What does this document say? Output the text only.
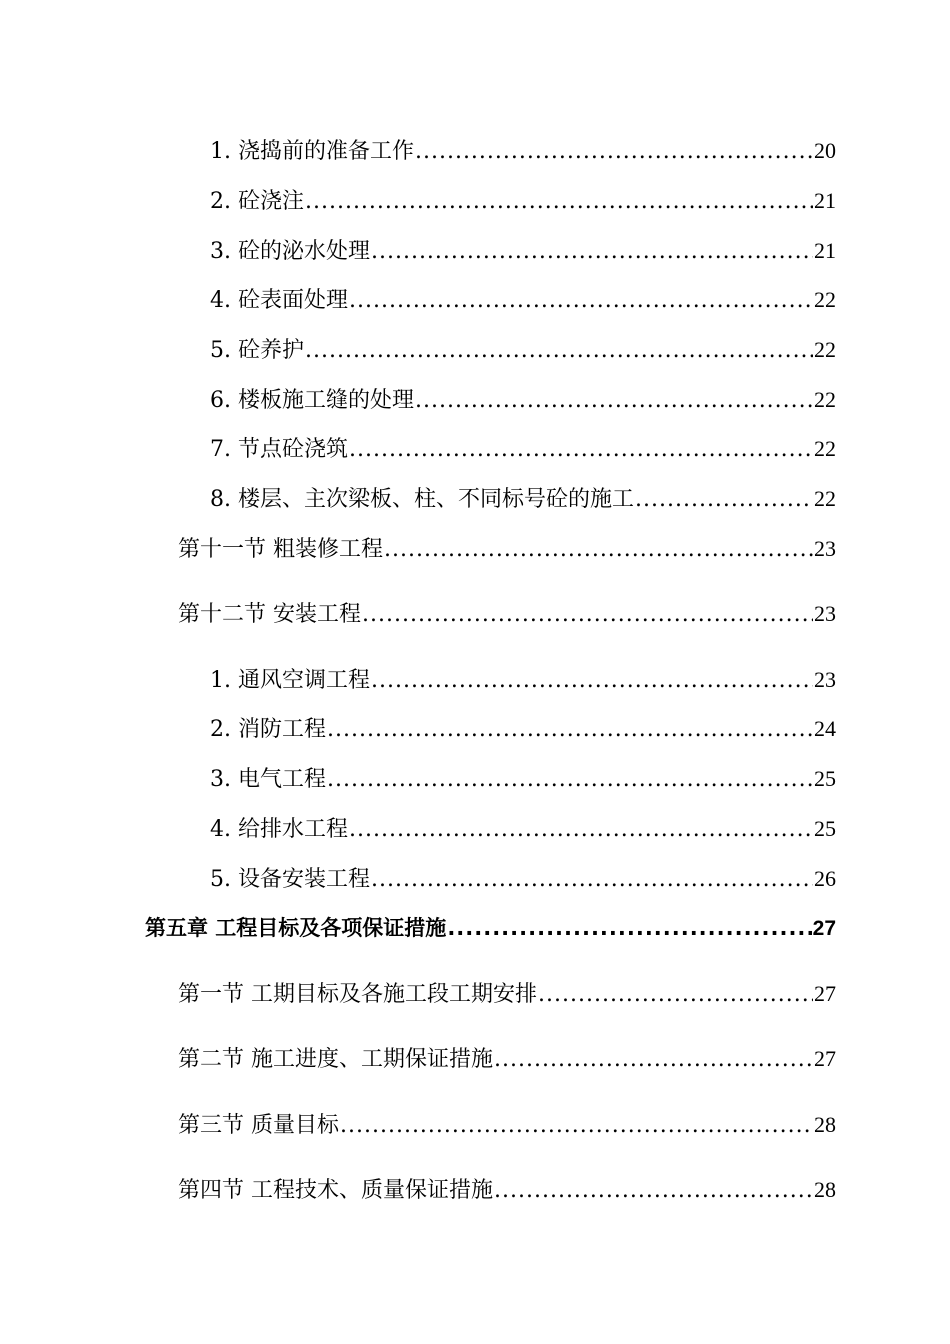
1. 浇捣前的准备工作 .....	20
2. 砼浇注 .....	21
3. 砼的泌水处理 .....	21
4. 砼表面处理 .....	22
5. 砼养护 .....	22
6. 楼板施工缝的处理 .....	22
7. 节点砼浇筑 .....	22
8. 楼层、主次梁板、柱、不同标号砼的施工 .....	22
第十一节 粗装修工程 .....	23
第十二节 安装工程 .....	23
1. 通风空调工程 .....	23
2. 消防工程 .....	24
3. 电气工程 .....	25
4. 给排水工程 .....	25
5. 设备安装工程 .....	26
第五章 工程目标及各项保证措施 .....	27
第一节 工期目标及各施工段工期安排 .....	27
第二节 施工进度、工期保证措施 .....	27
第三节 质量目标 .....	28
第四节 工程技术、质量保证措施 .....	28
